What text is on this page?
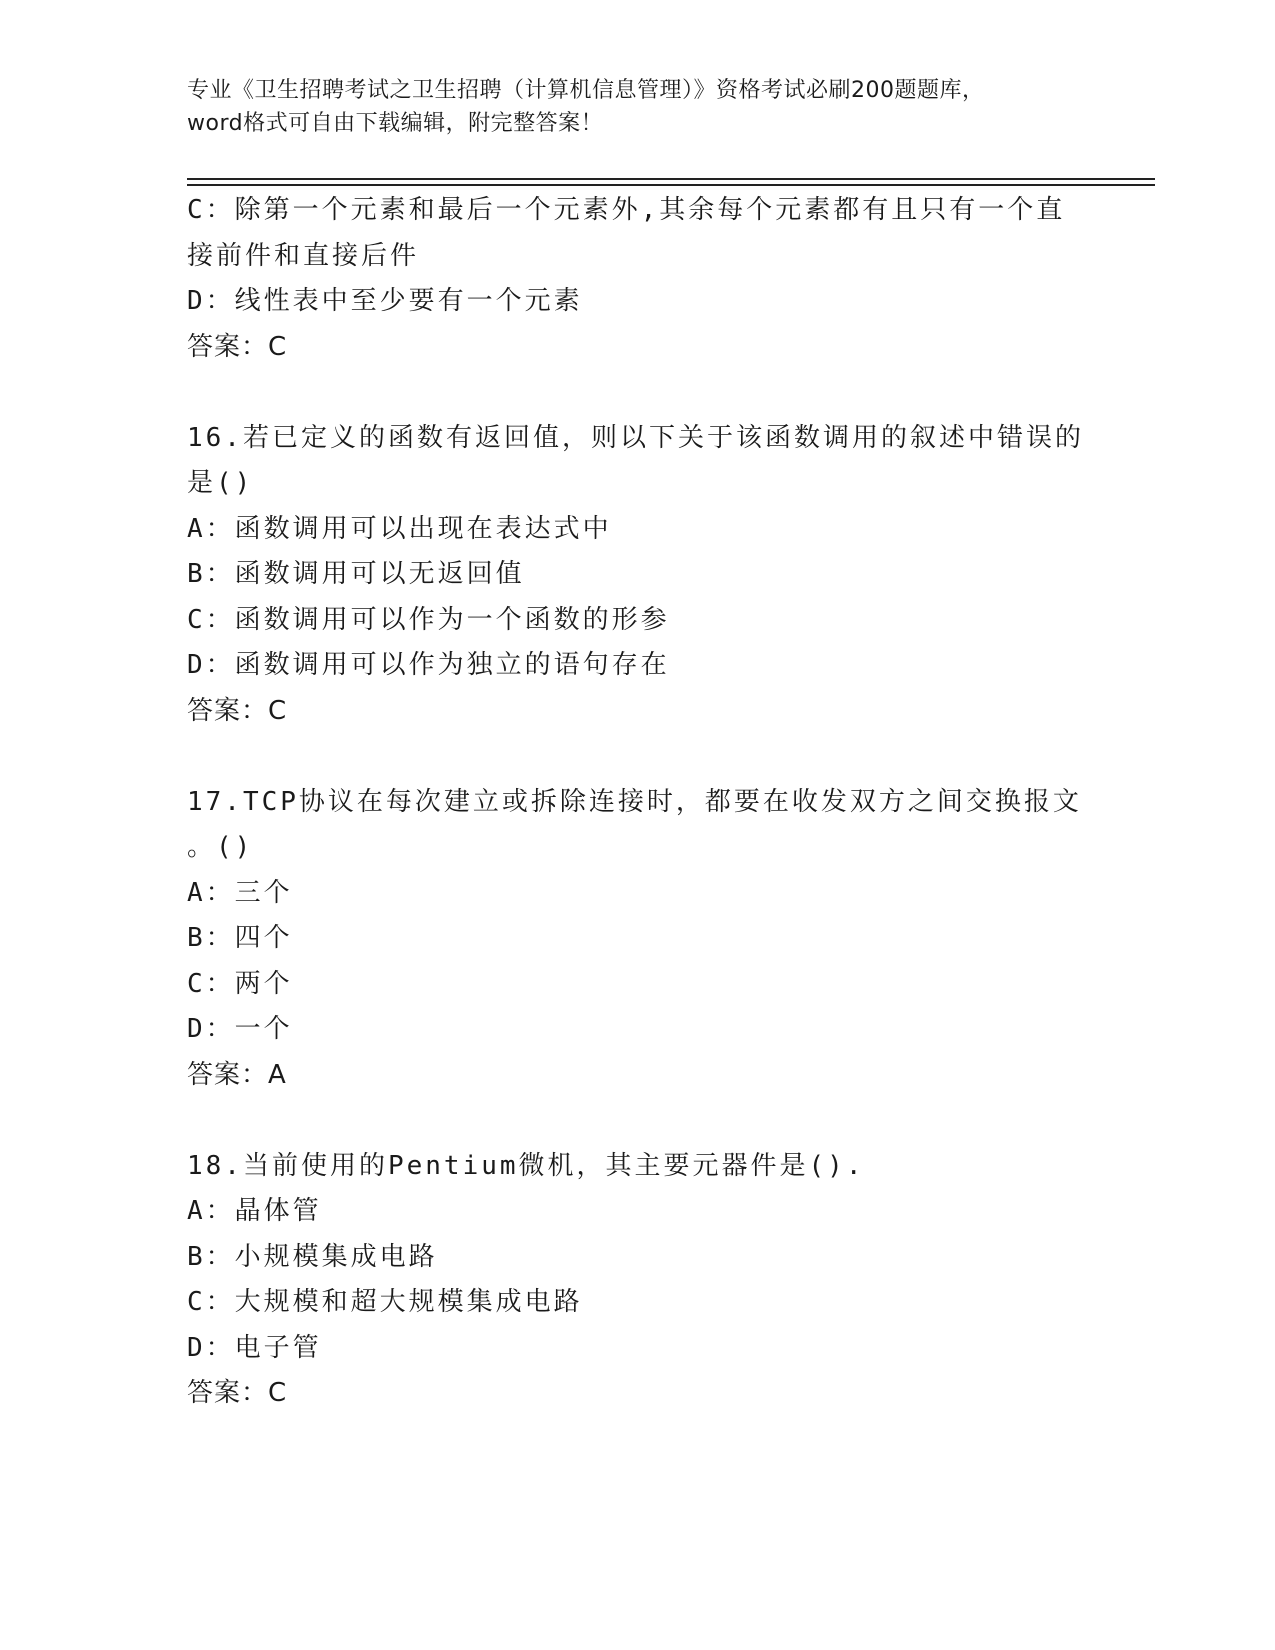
专业《卫生招聘考试之卫生招聘（计算机信息管理）》资格考试必刷200题题库，
word格式可自由下载编辑，附完整答案！
C：除第一个元素和最后一个元素外,其余每个元素都有且只有一个直
接前件和直接后件
D：线性表中至少要有一个元素
答案：C
16.若已定义的函数有返回值，则以下关于该函数调用的叙述中错误的
是()
A：函数调用可以出现在表达式中
B：函数调用可以无返回值
C：函数调用可以作为一个函数的形参
D：函数调用可以作为独立的语句存在
答案：C
17.TCP协议在每次建立或拆除连接时，都要在收发双方之间交换报文
。()
A：三个
B：四个
C：两个
D：一个
答案：A
18.当前使用的Pentium微机，其主要元器件是().
A：晶体管
B：小规模集成电路
C：大规模和超大规模集成电路
D：电子管
答案：C
